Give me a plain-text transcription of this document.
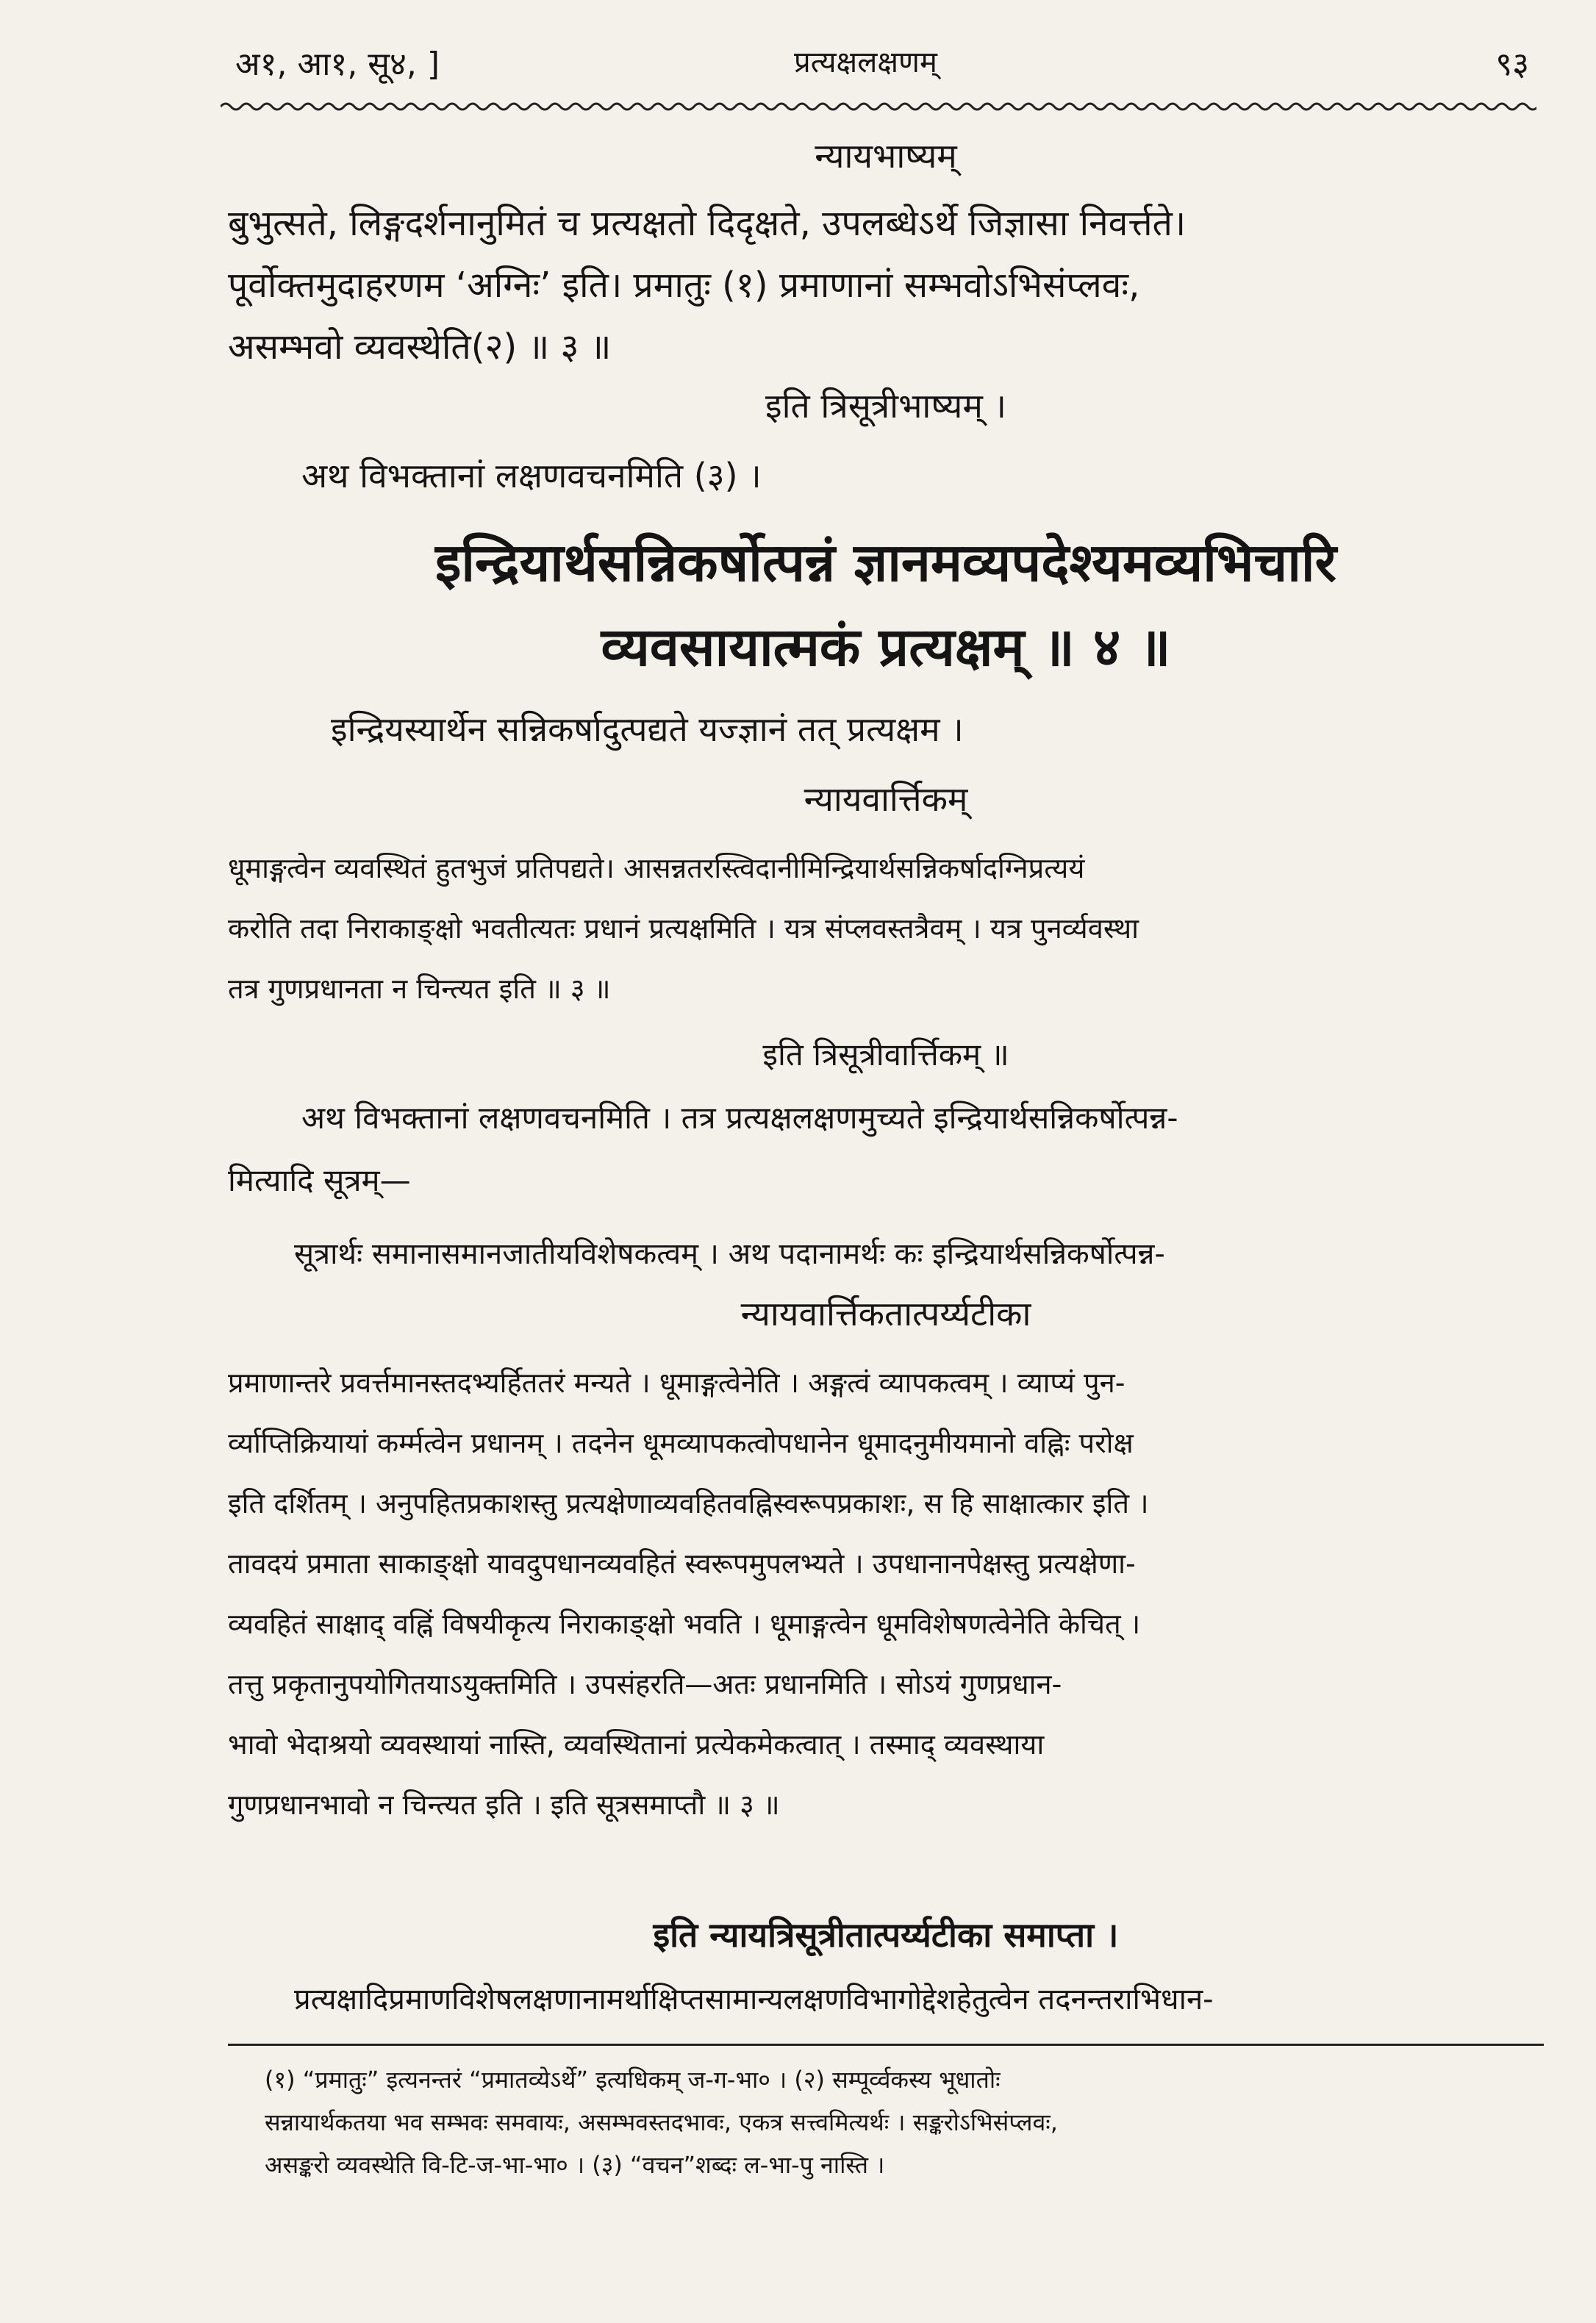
अ१, आ१, सू४, ]	प्रत्यक्षलक्षणम्	९३
न्यायभाष्यम्
बुभुत्सते, लिङ्गदर्शनानुमितं च प्रत्यक्षतो दिदृक्षते, उपलब्धेऽर्थे जिज्ञासा निवर्त्तते।
पूर्वोक्तमुदाहरणम ‘अग्निः’ इति। प्रमातुः (१) प्रमाणानां सम्भवोऽभिसंप्लवः,
असम्भवो व्यवस्थेति(२) ॥ ३ ॥
इति त्रिसूत्रीभाष्यम् ।
अथ विभक्तानां लक्षणवचनमिति (३) ।
इन्द्रियार्थसन्निकर्षोत्पन्नं ज्ञानमव्यपदेश्यमव्यभिचारि
व्यवसायात्मकं प्रत्यक्षम् ॥ ४ ॥
इन्द्रियस्यार्थेन सन्निकर्षादुत्पद्यते यज्ज्ञानं तत् प्रत्यक्षम ।
न्यायवार्त्तिकम्
धूमाङ्गत्वेन व्यवस्थितं हुतभुजं प्रतिपद्यते। आसन्नतरस्त्विदानीमिन्द्रियार्थसन्निकर्षादग्निप्रत्ययं
करोति तदा निराकाङ्क्षो भवतीत्यतः प्रधानं प्रत्यक्षमिति । यत्र संप्लवस्तत्रैवम् । यत्र पुनर्व्यवस्था
तत्र गुणप्रधानता न चिन्त्यत इति ॥ ३ ॥
इति त्रिसूत्रीवार्त्तिकम् ॥
अथ विभक्तानां लक्षणवचनमिति । तत्र प्रत्यक्षलक्षणमुच्यते इन्द्रियार्थसन्निकर्षोत्पन्न-
मित्यादि सूत्रम्—
सूत्रार्थः समानासमानजातीयविशेषकत्वम् । अथ पदानामर्थः कः इन्द्रियार्थसन्निकर्षोत्पन्न-
न्यायवार्त्तिकतात्पर्य्यटीका
प्रमाणान्तरे प्रवर्त्तमानस्तदभ्यर्हिततरं मन्यते । धूमाङ्गत्वेनेति । अङ्गत्वं व्यापकत्वम् । व्याप्यं पुन-
र्व्याप्तिक्रियायां कर्म्मत्वेन प्रधानम् । तदनेन धूमव्यापकत्वोपधानेन धूमादनुमीयमानो वह्निः परोक्ष
इति दर्शितम् । अनुपहितप्रकाशस्तु प्रत्यक्षेणाव्यवहितवह्निस्वरूपप्रकाशः, स हि साक्षात्कार इति ।
तावदयं प्रमाता साकाङ्क्षो यावदुपधानव्यवहितं स्वरूपमुपलभ्यते । उपधानानपेक्षस्तु प्रत्यक्षेणा-
व्यवहितं साक्षाद् वह्निं विषयीकृत्य निराकाङ्क्षो भवति । धूमाङ्गत्वेन धूमविशेषणत्वेनेति केचित् ।
तत्तु प्रकृतानुपयोगितयाऽयुक्तमिति । उपसंहरति—अतः प्रधानमिति । सोऽयं गुणप्रधान-
भावो भेदाश्रयो व्यवस्थायां नास्ति, व्यवस्थितानां प्रत्येकमेकत्वात् । तस्माद् व्यवस्थाया
गुणप्रधानभावो न चिन्त्यत इति । इति सूत्रसमाप्तौ ॥ ३ ॥
इति न्यायत्रिसूत्रीतात्पर्य्यटीका समाप्ता ।
प्रत्यक्षादिप्रमाणविशेषलक्षणानामर्थाक्षिप्तसामान्यलक्षणविभागोद्देशहेतुत्वेन तदनन्तराभिधान-
(१) “प्रमातुः” इत्यनन्तरं “प्रमातव्येऽर्थे” इत्यधिकम् ज-ग-भा० । (२) सम्पूर्व्वकस्य भूधातोः
सन्नायार्थकतया भव सम्भवः समवायः, असम्भवस्तदभावः, एकत्र सत्त्वमित्यर्थः । सङ्करोऽभिसंप्लवः,
असङ्करो व्यवस्थेति वि-टि-ज-भा-भा० । (३) “वचन”शब्दः ल-भा-पु नास्ति ।
